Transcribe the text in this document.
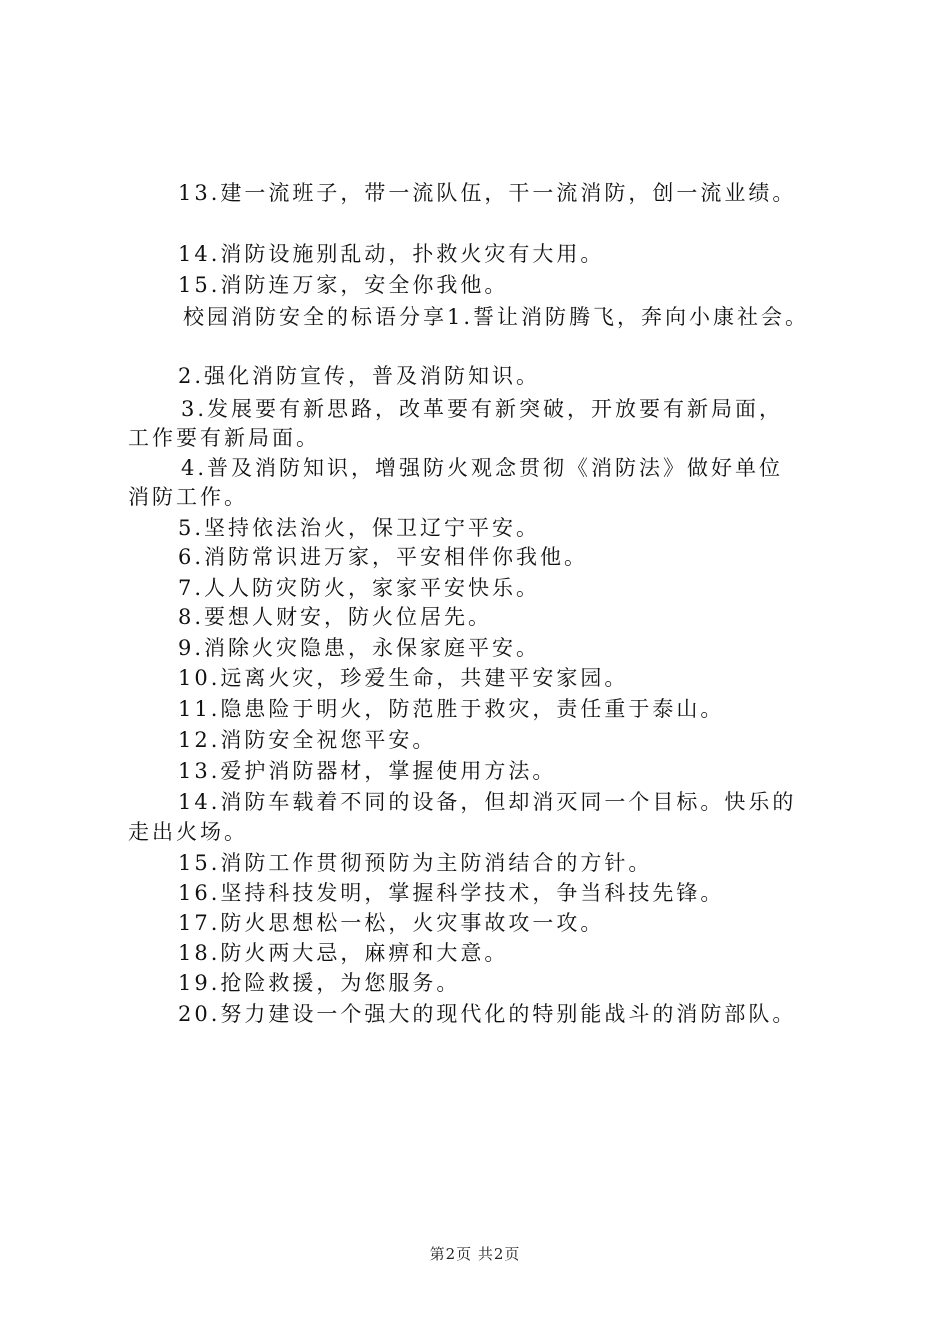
13.建一流班子，带一流队伍，干一流消防，创一流业绩。
14.消防设施别乱动，扑救火灾有大用。
15.消防连万家，安全你我他。
校园消防安全的标语分享1.誓让消防腾飞，奔向小康社会。
2.强化消防宣传，普及消防知识。
3.发展要有新思路，改革要有新突破，开放要有新局面，
工作要有新局面。
4.普及消防知识，增强防火观念贯彻《消防法》做好单位
消防工作。
5.坚持依法治火，保卫辽宁平安。
6.消防常识进万家，平安相伴你我他。
7.人人防灾防火，家家平安快乐。
8.要想人财安，防火位居先。
9.消除火灾隐患，永保家庭平安。
10.远离火灾，珍爱生命，共建平安家园。
11.隐患险于明火，防范胜于救灾，责任重于泰山。
12.消防安全祝您平安。
13.爱护消防器材，掌握使用方法。
14.消防车载着不同的设备，但却消灭同一个目标。快乐的
走出火场。
15.消防工作贯彻预防为主防消结合的方针。
16.坚持科技发明，掌握科学技术，争当科技先锋。
17.防火思想松一松，火灾事故攻一攻。
18.防火两大忌，麻痹和大意。
19.抢险救援，为您服务。
20.努力建设一个强大的现代化的特别能战斗的消防部队。
第2页 共2页
